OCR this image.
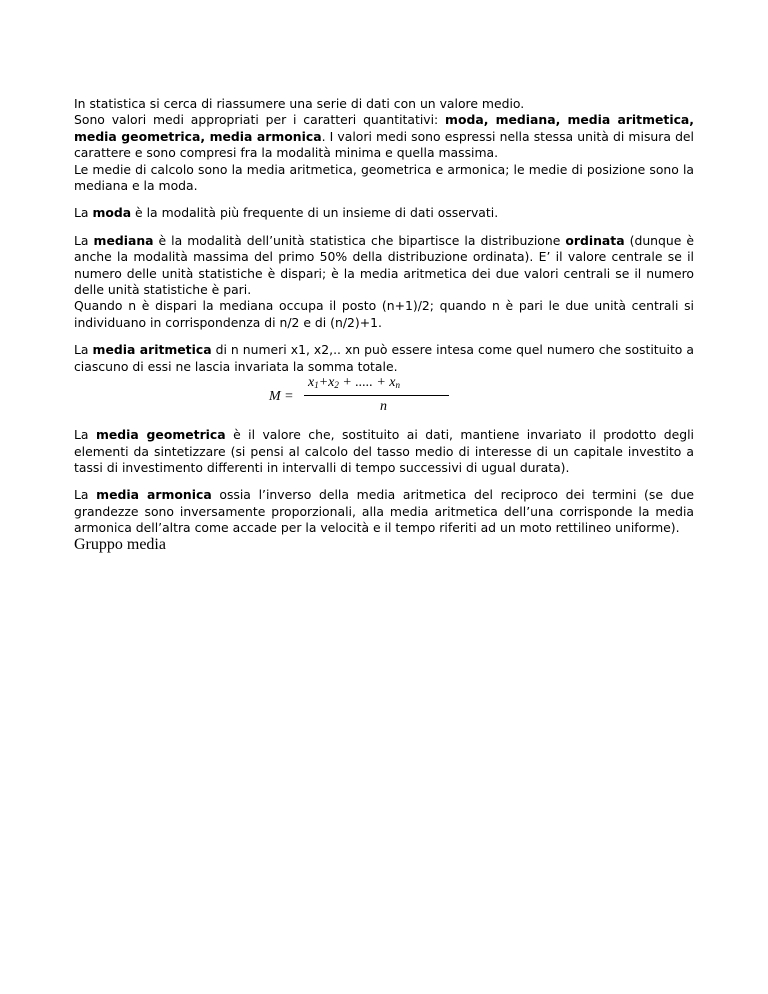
In statistica si cerca di riassumere una serie di dati con un valore medio.
Sono valori medi appropriati per i caratteri quantitativi: moda, mediana, media aritmetica, media geometrica, media armonica. I valori medi sono espressi nella stessa unità di misura del carattere e sono compresi fra la modalità minima e quella massima.
Le medie di calcolo sono la media aritmetica, geometrica e armonica; le medie di posizione sono la mediana e la moda.

La moda è la modalità più frequente di un insieme di dati osservati.

La mediana è la modalità dell’unità statistica che bipartisce la distribuzione ordinata (dunque è anche la modalità massima del primo 50% della distribuzione ordinata). E’ il valore centrale se il numero delle unità statistiche è dispari; è la media aritmetica dei due valori centrali se il numero delle unità statistiche è pari.
Quando n è dispari la mediana occupa il posto (n+1)/2; quando n è pari le due unità centrali si individuano in corrispondenza di n/2 e di (n/2)+1.

La media aritmetica di n numeri x1, x2,.. xn può essere intesa come quel numero che sostituito a ciascuno di essi ne lascia invariata la somma totale.

M =
$x_1+x_2$ + ..... + $x_n$
n

La media geometrica è il valore che, sostituito ai dati, mantiene invariato il prodotto degli elementi da sintetizzare (si pensi al calcolo del tasso medio di interesse di un capitale investito a tassi di investimento differenti in intervalli di tempo successivi di ugual durata).

La media armonica ossia l’inverso della media aritmetica del reciproco dei termini (se due grandezze sono inversamente proporzionali, alla media aritmetica dell’una corrisponde la media armonica dell’altra come accade per la velocità e il tempo riferiti ad un moto rettilineo uniforme).

Gruppo media
